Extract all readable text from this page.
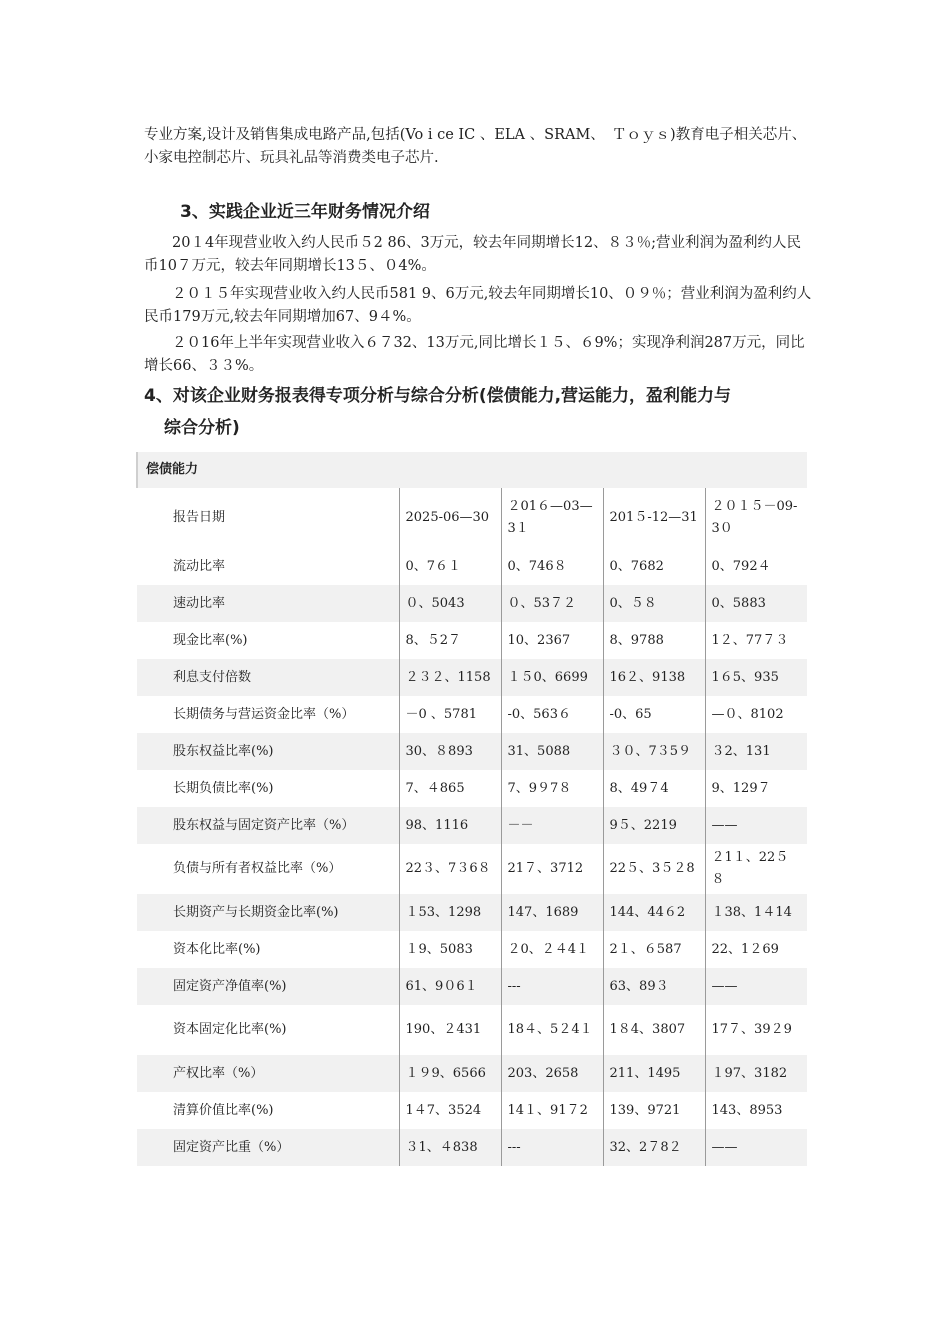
专业方案,设计及销售集成电路产品,包括(Vo i ce IC 、ELA 、SRAM、　Ｔｏｙｓ)教育电子相关芯片、小家电控制芯片、玩具礼品等消费类电子芯片.
3、实践企业近三年财务情况介绍
20１4年现营业收入约人民币５2 86、3万元，较去年同期增长12、８３％;营业利润为盈利约人民币10７万元，较去年同期增长13５、０4%。
２０１５年实现营业收入约人民币581 9、6万元,较去年同期增长10、０９％；营业利润为盈利约人民币179万元,较去年同期增加67、9４%。
２０16年上半年实现营业收入６７32、13万元,同比增长１５、６9%；实现净利润287万元，同比增长66、３３%。
4、对该企业财务报表得专项分析与综合分析(偿债能力,营运能力，盈利能力与
综合分析)
偿债能力				
报告日期	2025-06—30	２01６—03—3１	201５-12—31	２０１５－09-3０
流动比率	0、7６１	0、746８	0、7682	0、792４
速动比率	０、5043	０、53７２	0、５８	0、5883
现金比率(%)	8、５2７	10、2367	8、9788	1２、77７３
利息支付倍数	２３２、1158	１５0、6699	16２、9138	1６5、935
长期债务与营运资金比率（%）	－0 、5781	-0、563６	-0、65	—０、8102
股东权益比率(%)	30、８893	31、5088	３０、7３5９	３2、131
长期负债比率(%)	7、４865	7、9９7８	8、49７4	9、129７
股东权益与固定资产比率（%）	98、1116	－－	9５、2219	——
负债与所有者权益比率（%）	22３、7３6８	21７、3712	22５、3５２8	２1１、22５８
长期资产与长期资金比率(%)	１53、1298	147、1689	144、44６2	１38、1４14
资本化比率(%)	１9、5083	２0、２４4１	2１、６587	22、1２69
固定资产净值率(%)	61、9０6１	---	63、89３	——
资本固定化比率(%)	190、２431	18４、5２4１	1８4、3807	17７、39２9
产权比率（%）	１９9、6566	203、2658	211、1495	１97、3182
清算价值比率(%)	1４7、3524	14１、91７2	139、9721	143、8953
固定资产比重（%）	３1、４838	---	32、2７8２	——
